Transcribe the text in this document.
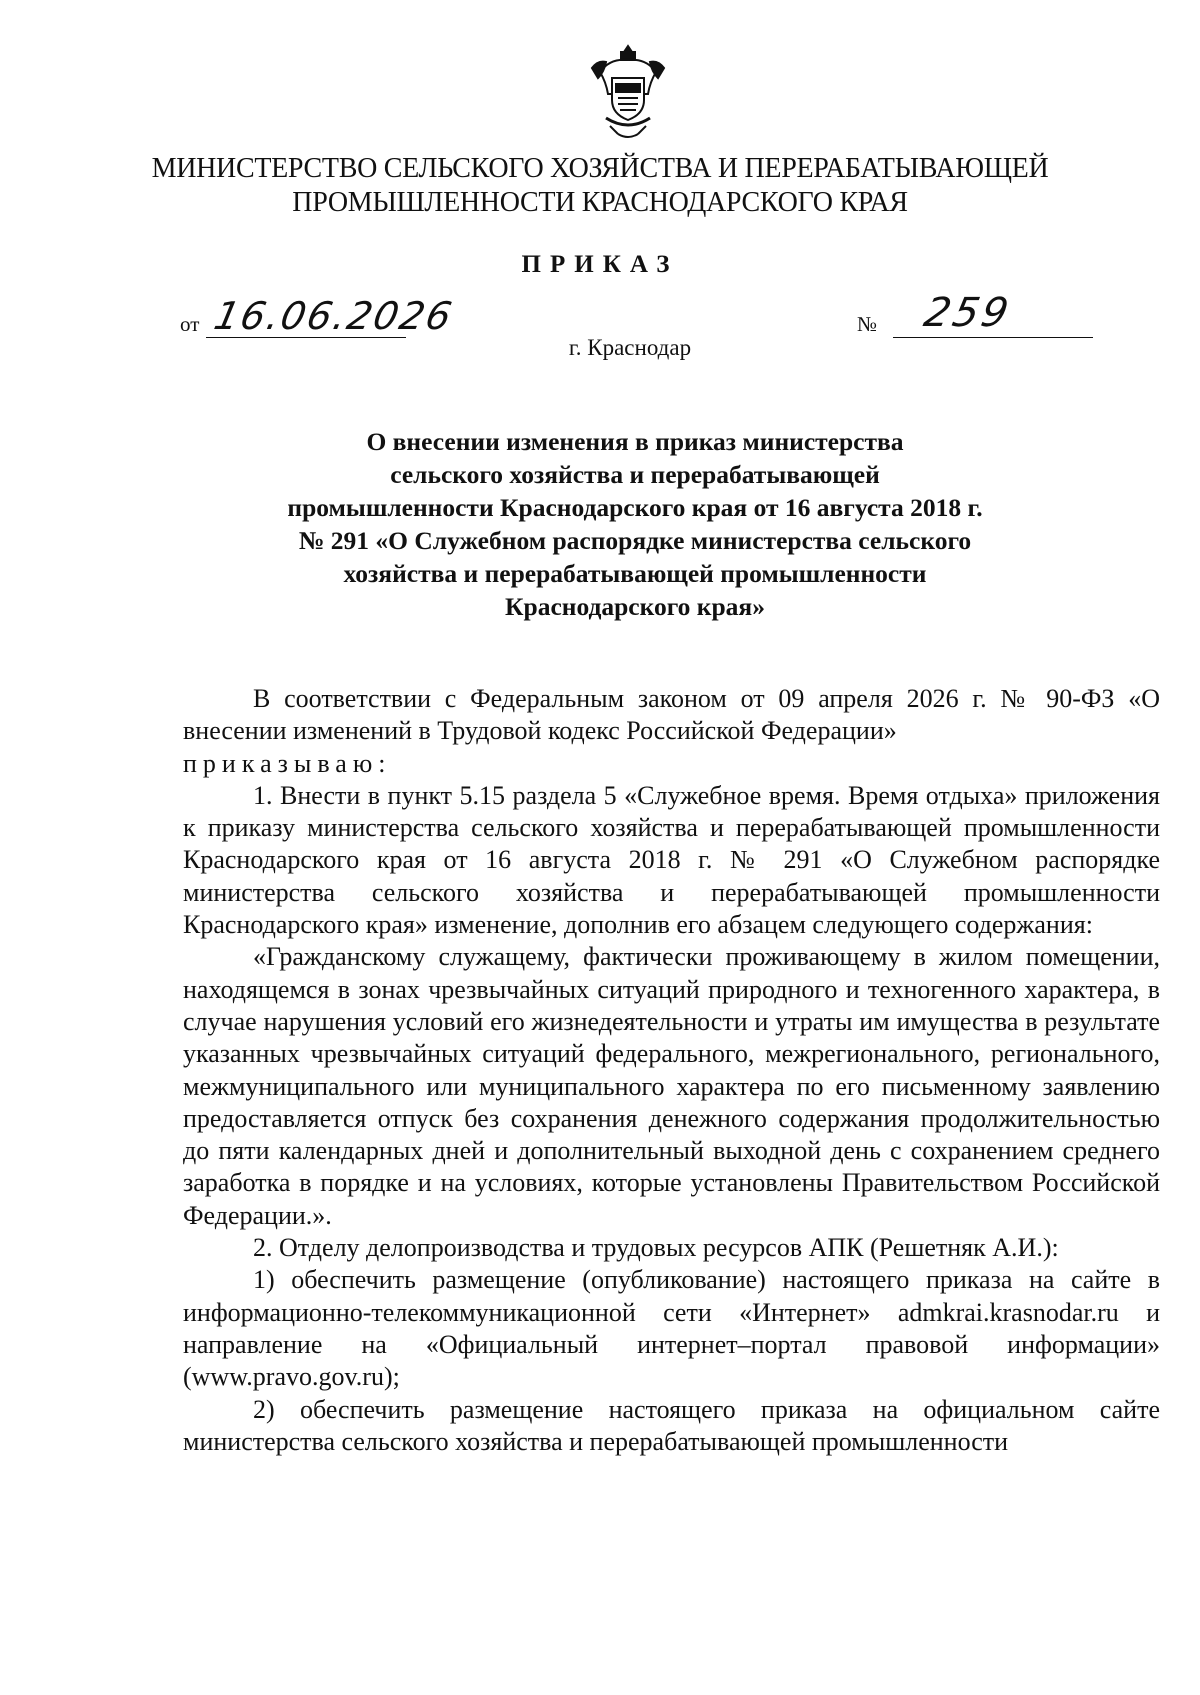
МИНИСТЕРСТВО СЕЛЬСКОГО ХОЗЯЙСТВА И ПЕРЕРАБАТЫВАЮЩЕЙ
ПРОМЫШЛЕННОСТИ КРАСНОДАРСКОГО КРАЯ
ПРИКАЗ
от 16.06.2026	№ 259
г. Краснодар
О внесении изменения в приказ министерства
сельского хозяйства и перерабатывающей
промышленности Краснодарского края от 16 августа 2018 г.
№ 291 «О Служебном распорядке министерства сельского
хозяйства и перерабатывающей промышленности
Краснодарского края»

В соответствии с Федеральным законом от 09 апреля 2026 г. № 90-ФЗ «О внесении изменений в Трудовой кодекс Российской Федерации»

приказываю:

1. Внести в пункт 5.15 раздела 5 «Служебное время. Время отдыха» приложения к приказу министерства сельского хозяйства и перерабатывающей промышленности Краснодарского края от 16 августа 2018 г. № 291 «О Служебном распорядке министерства сельского хозяйства и перерабатывающей промышленности Краснодарского края» изменение, дополнив его абзацем следующего содержания:

«Гражданскому служащему, фактически проживающему в жилом помещении, находящемся в зонах чрезвычайных ситуаций природного и техногенного характера, в случае нарушения условий его жизнедеятельности и утраты им имущества в результате указанных чрезвычайных ситуаций федерального, межрегионального, регионального, межмуниципального или муниципального характера по его письменному заявлению предоставляется отпуск без сохранения денежного содержания продолжительностью до пяти календарных дней и дополнительный выходной день с сохранением среднего заработка в порядке и на условиях, которые установлены Правительством Российской Федерации.».

2. Отделу делопроизводства и трудовых ресурсов АПК (Решетняк А.И.):

1) обеспечить размещение (опубликование) настоящего приказа на сайте в информационно-телекоммуникационной сети «Интернет» admkrai.krasnodar.ru и направление на «Официальный интернет–портал правовой информации» (www.pravo.gov.ru);

2) обеспечить размещение настоящего приказа на официальном сайте министерства сельского хозяйства и перерабатывающей промышленности
